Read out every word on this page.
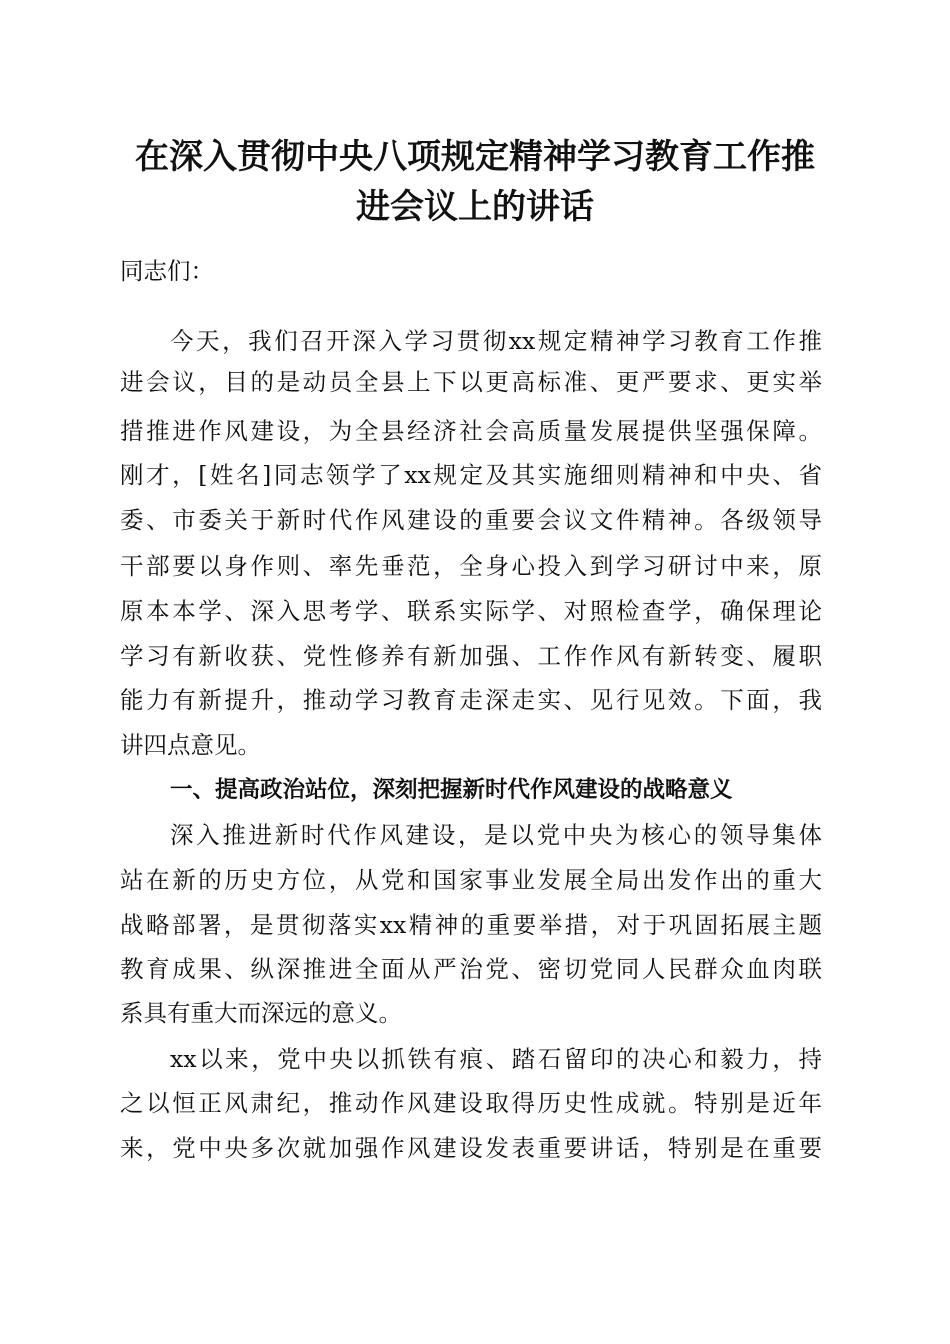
在深入贯彻中央八项规定精神学习教育工作推
进会议上的讲话
同志们：
今天，我们召开深入学习贯彻xx规定精神学习教育工作推
进会议，目的是动员全县上下以更高标准、更严要求、更实举
措推进作风建设，为全县经济社会高质量发展提供坚强保障。
刚才，[姓名]同志领学了xx规定及其实施细则精神和中央、省
委、市委关于新时代作风建设的重要会议文件精神。各级领导
干部要以身作则、率先垂范，全身心投入到学习研讨中来，原
原本本学、深入思考学、联系实际学、对照检查学，确保理论
学习有新收获、党性修养有新加强、工作作风有新转变、履职
能力有新提升，推动学习教育走深走实、见行见效。下面，我
讲四点意见。
一、提高政治站位，深刻把握新时代作风建设的战略意义
深入推进新时代作风建设，是以党中央为核心的领导集体
站在新的历史方位，从党和国家事业发展全局出发作出的重大
战略部署，是贯彻落实xx精神的重要举措，对于巩固拓展主题
教育成果、纵深推进全面从严治党、密切党同人民群众血肉联
系具有重大而深远的意义。
xx以来，党中央以抓铁有痕、踏石留印的决心和毅力，持
之以恒正风肃纪，推动作风建设取得历史性成就。特别是近年
来，党中央多次就加强作风建设发表重要讲话，特别是在重要
